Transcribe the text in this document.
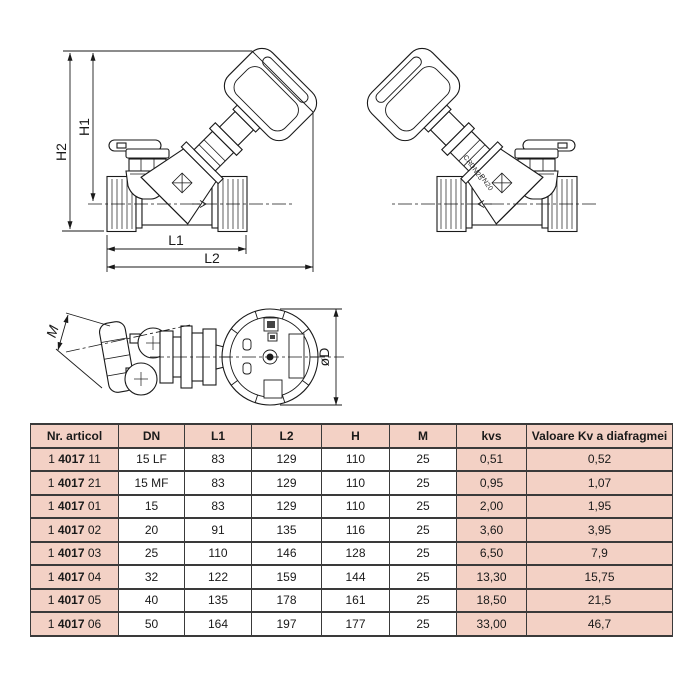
H2
H1
L1
L2
CR
DN25
PN20
M
øD
Nr. articol	DN	L1	L2	H	M	kvs	Valoare Kv a diafragmei
1 4017 11	15 LF	83	129	110	25	0,51	0,52
1 4017 21	15 MF	83	129	110	25	0,95	1,07
1 4017 01	15	83	129	110	25	2,00	1,95
1 4017 02	20	91	135	116	25	3,60	3,95
1 4017 03	25	110	146	128	25	6,50	7,9
1 4017 04	32	122	159	144	25	13,30	15,75
1 4017 05	40	135	178	161	25	18,50	21,5
1 4017 06	50	164	197	177	25	33,00	46,7
